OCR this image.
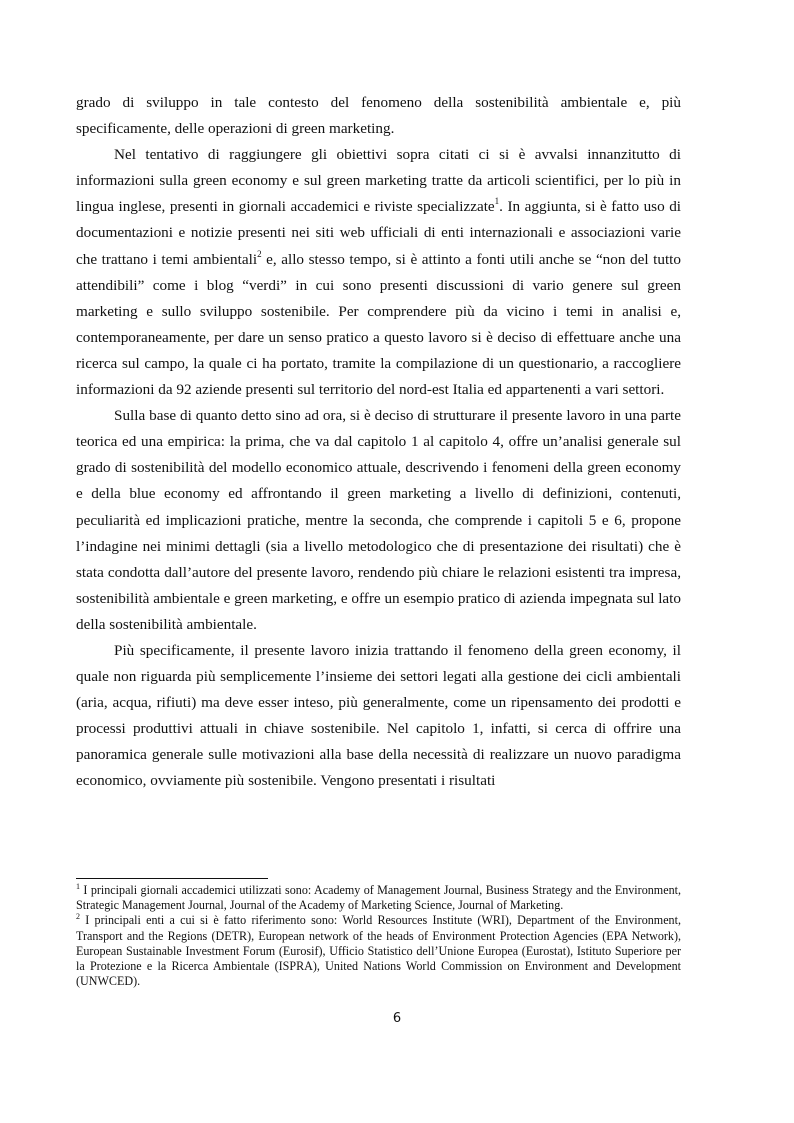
grado di sviluppo in tale contesto del fenomeno della sostenibilità ambientale e, più specificamente, delle operazioni di green marketing.

Nel tentativo di raggiungere gli obiettivi sopra citati ci si è avvalsi innanzitutto di informazioni sulla green economy e sul green marketing tratte da articoli scientifici, per lo più in lingua inglese, presenti in giornali accademici e riviste specializzate$^1$. In aggiunta, si è fatto uso di documentazioni e notizie presenti nei siti web ufficiali di enti internazionali e associazioni varie che trattano i temi ambientali$^2$ e, allo stesso tempo, si è attinto a fonti utili anche se “non del tutto attendibili” come i blog “verdi” in cui sono presenti discussioni di vario genere sul green marketing e sullo sviluppo sostenibile. Per comprendere più da vicino i temi in analisi e, contemporaneamente, per dare un senso pratico a questo lavoro si è deciso di effettuare anche una ricerca sul campo, la quale ci ha portato, tramite la compilazione di un questionario, a raccogliere informazioni da 92 aziende presenti sul territorio del nord-est Italia ed appartenenti a vari settori.

Sulla base di quanto detto sino ad ora, si è deciso di strutturare il presente lavoro in una parte teorica ed una empirica: la prima, che va dal capitolo 1 al capitolo 4, offre un’analisi generale sul grado di sostenibilità del modello economico attuale, descrivendo i fenomeni della green economy e della blue economy ed affrontando il green marketing a livello di definizioni, contenuti, peculiarità ed implicazioni pratiche, mentre la seconda, che comprende i capitoli 5 e 6, propone l’indagine nei minimi dettagli (sia a livello metodologico che di presentazione dei risultati) che è stata condotta dall’autore del presente lavoro, rendendo più chiare le relazioni esistenti tra impresa, sostenibilità ambientale e green marketing, e offre un esempio pratico di azienda impegnata sul lato della sostenibilità ambientale.

Più specificamente, il presente lavoro inizia trattando il fenomeno della green economy, il quale non riguarda più semplicemente l’insieme dei settori legati alla gestione dei cicli ambientali (aria, acqua, rifiuti) ma deve esser inteso, più generalmente, come un ripensamento dei prodotti e processi produttivi attuali in chiave sostenibile. Nel capitolo 1, infatti, si cerca di offrire una panoramica generale sulle motivazioni alla base della necessità di realizzare un nuovo paradigma economico, ovviamente più sostenibile. Vengono presentati i risultati

$^1$ I principali giornali accademici utilizzati sono: Academy of Management Journal, Business Strategy and the Environment, Strategic Management Journal, Journal of the Academy of Marketing Science, Journal of Marketing.

$^2$ I principali enti a cui si è fatto riferimento sono: World Resources Institute (WRI), Department of the Environment, Transport and the Regions (DETR), European network of the heads of Environment Protection Agencies (EPA Network), European Sustainable Investment Forum (Eurosif), Ufficio Statistico dell’Unione Europea (Eurostat), Istituto Superiore per la Protezione e la Ricerca Ambientale (ISPRA), United Nations World Commission on Environment and Development (UNWCED).

6
